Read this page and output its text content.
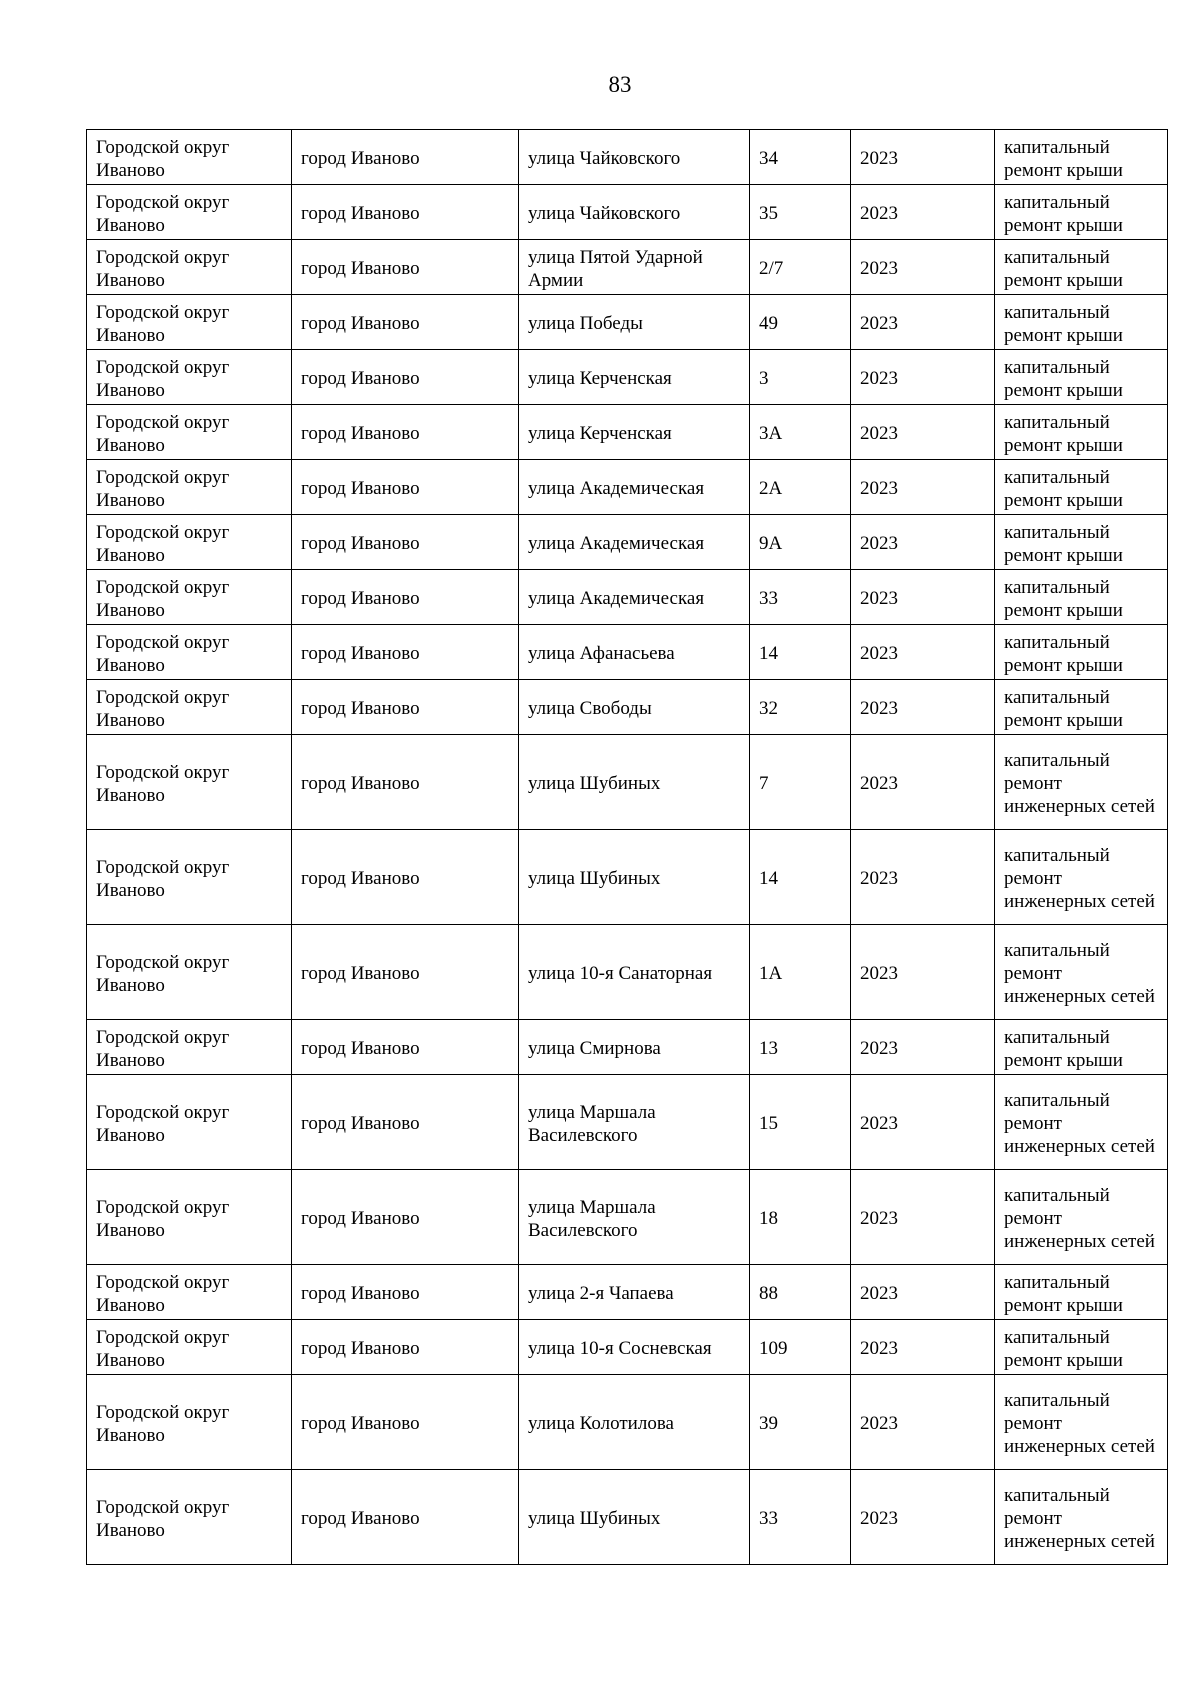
83
Городской округ Иваново	город Иваново	улица Чайковского	34	2023	капитальный ремонт крыши
Городской округ Иваново	город Иваново	улица Чайковского	35	2023	капитальный ремонт крыши
Городской округ Иваново	город Иваново	улица Пятой Ударной Армии	2/7	2023	капитальный ремонт крыши
Городской округ Иваново	город Иваново	улица Победы	49	2023	капитальный ремонт крыши
Городской округ Иваново	город Иваново	улица Керченская	3	2023	капитальный ремонт крыши
Городской округ Иваново	город Иваново	улица Керченская	3А	2023	капитальный ремонт крыши
Городской округ Иваново	город Иваново	улица Академическая	2А	2023	капитальный ремонт крыши
Городской округ Иваново	город Иваново	улица Академическая	9А	2023	капитальный ремонт крыши
Городской округ Иваново	город Иваново	улица Академическая	33	2023	капитальный ремонт крыши
Городской округ Иваново	город Иваново	улица Афанасьева	14	2023	капитальный ремонт крыши
Городской округ Иваново	город Иваново	улица Свободы	32	2023	капитальный ремонт крыши
Городской округ Иваново	город Иваново	улица Шубиных	7	2023	капитальный ремонт инженерных сетей
Городской округ Иваново	город Иваново	улица Шубиных	14	2023	капитальный ремонт инженерных сетей
Городской округ Иваново	город Иваново	улица 10-я Санаторная	1А	2023	капитальный ремонт инженерных сетей
Городской округ Иваново	город Иваново	улица Смирнова	13	2023	капитальный ремонт крыши
Городской округ Иваново	город Иваново	улица Маршала Василевского	15	2023	капитальный ремонт инженерных сетей
Городской округ Иваново	город Иваново	улица Маршала Василевского	18	2023	капитальный ремонт инженерных сетей
Городской округ Иваново	город Иваново	улица 2-я Чапаева	88	2023	капитальный ремонт крыши
Городской округ Иваново	город Иваново	улица 10-я Сосневская	109	2023	капитальный ремонт крыши
Городской округ Иваново	город Иваново	улица Колотилова	39	2023	капитальный ремонт инженерных сетей
Городской округ Иваново	город Иваново	улица Шубиных	33	2023	капитальный ремонт инженерных сетей
